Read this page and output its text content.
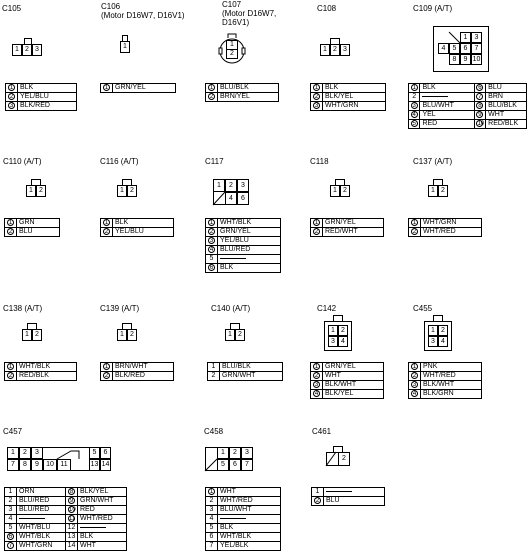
C105
1 2 3
1	BLK
2	YEL/BLU
3	BLK/RED
C106
(Motor D16W7, D16V1)
1
1	GRN/YEL
C107
(Motor D16W7,
D16V1)
1
2
1	BLU/BLK
2	BRN/YEL
C108
1 2 3
1	BLK
2	BLK/YEL
3	WHT/GRN
C109 (A/T)
1	3
4	5	6	7
8	9 10
1	BLK	6	BLU
2		7	BRN
3	BLU/WHT	8	BLU/BLK
4	YEL	9	WHT
5	RED	10	RED/BLK
C110 (A/T)
1 2
1	GRN
2	BLU
C116 (A/T)
1 2
1	BLK
2	YEL/BLU
C117
1	2	3
4	6
1	WHT/BLK
2	GRN/YEL
3	YEL/BLU
4	BLU/RED
5	
6	BLK
C118
1 2
1	GRN/YEL
2	RED/WHT
C137 (A/T)
1 2
1	WHT/GRN
2	WHT/RED
C138 (A/T)
1 2
1	WHT/BLK
2	RED/BLK
C139 (A/T)
1 2
1	BRN/WHT
2	BLK/RED
C140 (A/T)
1 2
1	BLU/BLK
2	GRN/WHT
C142
1 2
3 4
1	GRN/YEL
2	WHT
3	BLK/WHT
4	BLK/YEL
C455
1 2
3 4
1	PNK
2	WHT/RED
3	BLK/WHT
4	BLK/GRN
C457
1	2	3	5	6
7	8	9	10 11	13 14
1	ORN	8	BLK/YEL
2	BLU/RED	9	GRN/WHT
3	BLU/RED	10	RED
4		11	WHT/RED
5	WHT/BLU	12	
6	WHT/BLK	13	BLK
7	WHT/GRN	14	WHT
C458
1	2	3
5	6	7
1	WHT
2	WHT/RED
3	BLU/WHT
4	
5	BLK
6	WHT/BLK
7	YEL/BLK
C461
2
1	
2	BLU
